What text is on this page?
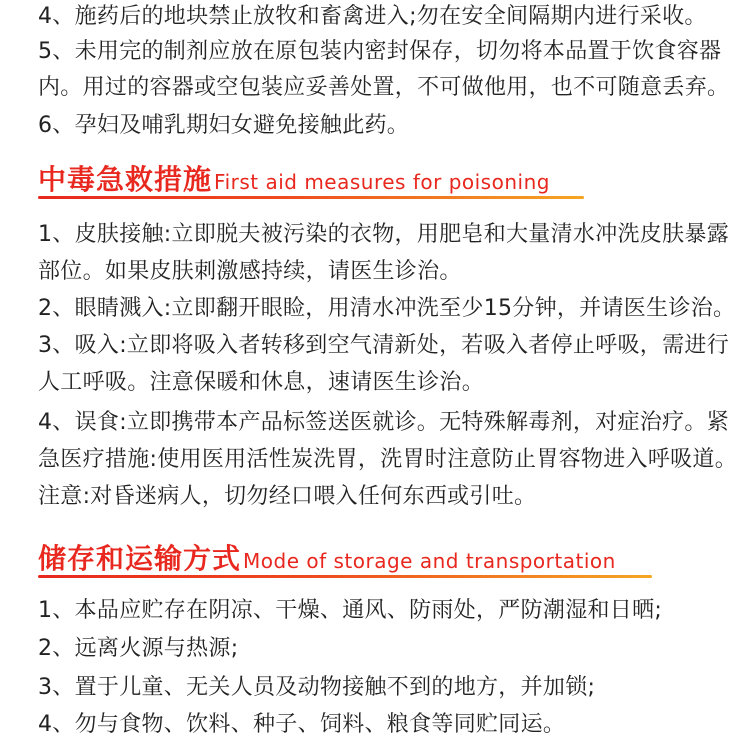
4、施药后的地块禁止放牧和畜禽进入;勿在安全间隔期内进行采收。
5、未用完的制剂应放在原包装内密封保存，切勿将本品置于饮食容器
内。用过的容器或空包装应妥善处置，不可做他用，也不可随意丢弃。
6、孕妇及哺乳期妇女避免接触此药。
中毒急救措施 First aid measures for poisoning
1、皮肤接触:立即脱夫被污染的衣物，用肥皂和大量清水冲洗皮肤暴露
部位。如果皮肤刺激感持续，请医生诊治。
2、眼睛溅入:立即翻开眼睑，用清水冲洗至少15分钟，并请医生诊治。
3、吸入:立即将吸入者转移到空气清新处，若吸入者停止呼吸，需进行
人工呼吸。注意保暖和休息，速请医生诊治。
4、误食:立即携带本产品标签送医就诊。无特殊解毒剂，对症治疗。紧
急医疗措施:使用医用活性炭洗胃，洗胃时注意防止胃容物进入呼吸道。
注意:对昏迷病人，切勿经口喂入任何东西或引吐。
储存和运输方式 Mode of storage and transportation
1、本品应贮存在阴凉、干燥、通风、防雨处，严防潮湿和日晒;
2、远离火源与热源;
3、置于儿童、无关人员及动物接触不到的地方，并加锁;
4、勿与食物、饮料、种子、饲料、粮食等同贮同运。
